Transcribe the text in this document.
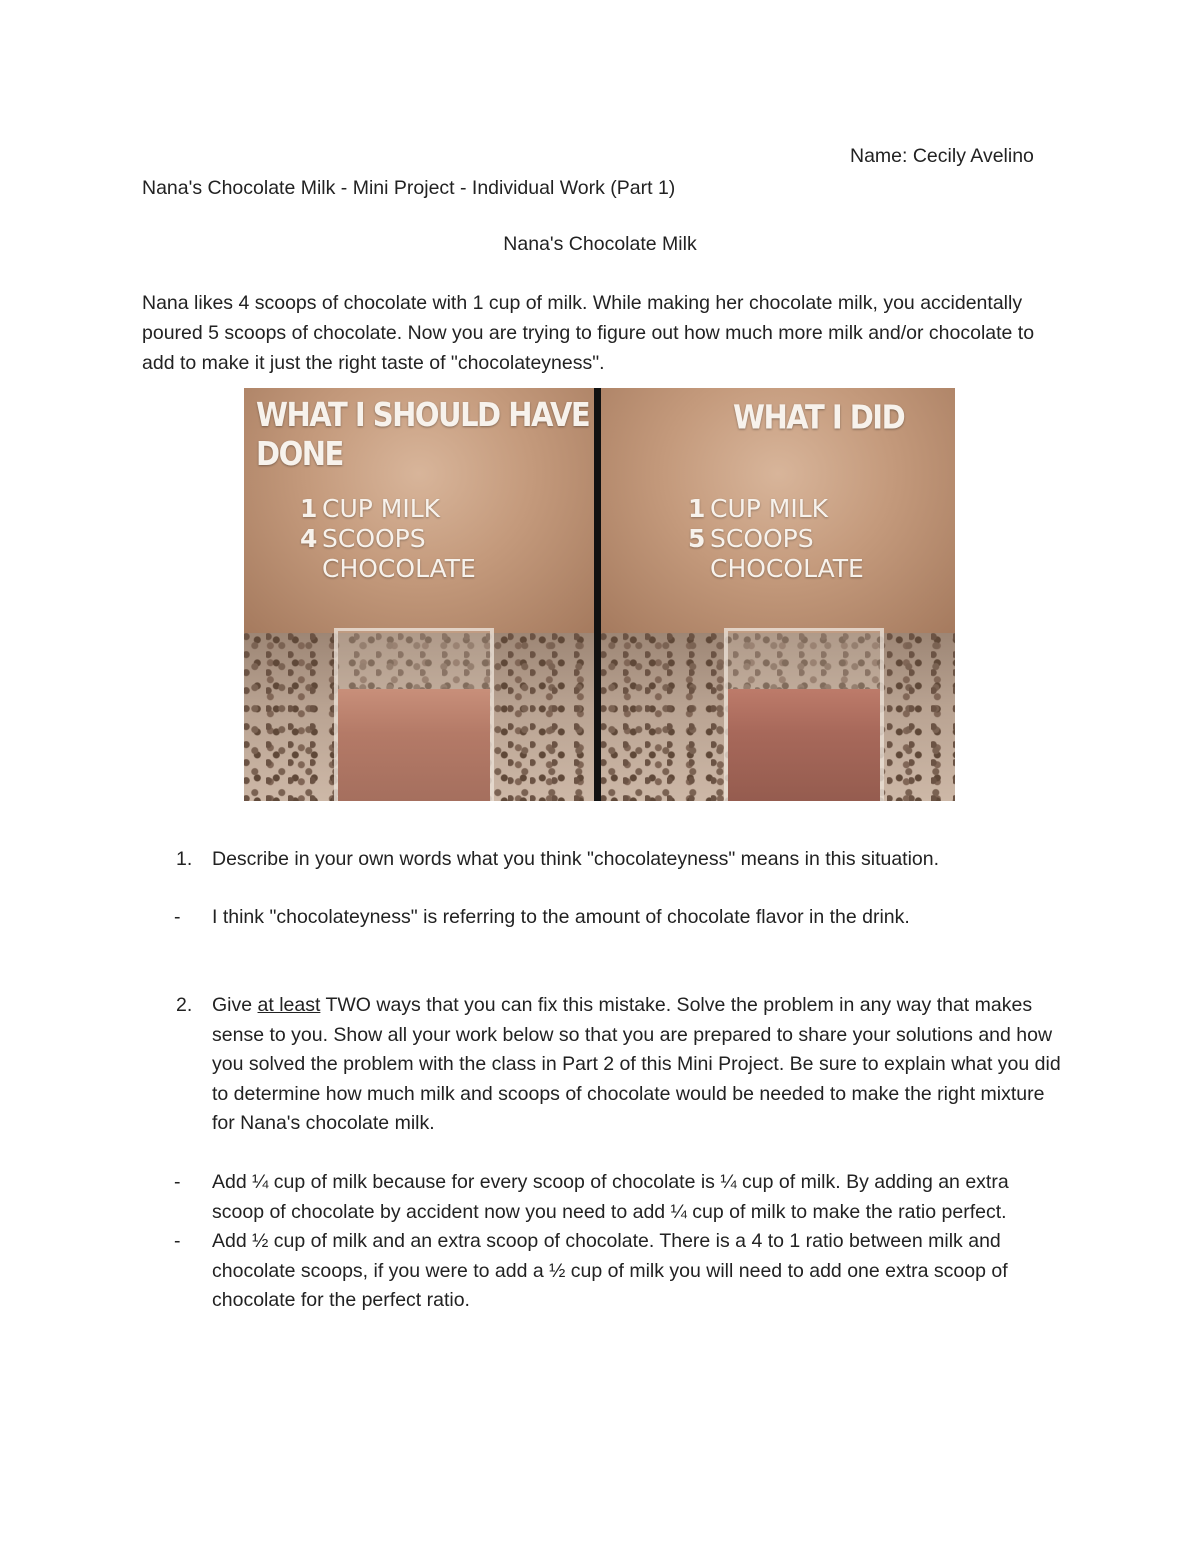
Name: Cecily Avelino
Nana's Chocolate Milk - Mini Project - Individual Work (Part 1)
Nana's Chocolate Milk
Nana likes 4 scoops of chocolate with 1 cup of milk. While making her chocolate milk, you accidentally poured 5 scoops of chocolate. Now you are trying to figure out how much more milk and/or chocolate to add to make it just the right taste of "chocolateyness".
WHAT I SHOULD HAVE DONE
1 CUP MILK
4 SCOOPS
CHOCOLATE
WHAT I DID
1 CUP MILK
5 SCOOPS
CHOCOLATE
1. Describe in your own words what you think "chocolateyness" means in this situation.
- I think "chocolateyness" is referring to the amount of chocolate flavor in the drink.
2. Give at least TWO ways that you can fix this mistake. Solve the problem in any way that makes sense to you. Show all your work below so that you are prepared to share your solutions and how you solved the problem with the class in Part 2 of this Mini Project. Be sure to explain what you did to determine how much milk and scoops of chocolate would be needed to make the right mixture for Nana's chocolate milk.
- Add ¼ cup of milk because for every scoop of chocolate is ¼ cup of milk. By adding an extra scoop of chocolate by accident now you need to add ¼ cup of milk to make the ratio perfect.
- Add ½ cup of milk and an extra scoop of chocolate. There is a 4 to 1 ratio between milk and chocolate scoops, if you were to add a ½ cup of milk you will need to add one extra scoop of chocolate for the perfect ratio.
